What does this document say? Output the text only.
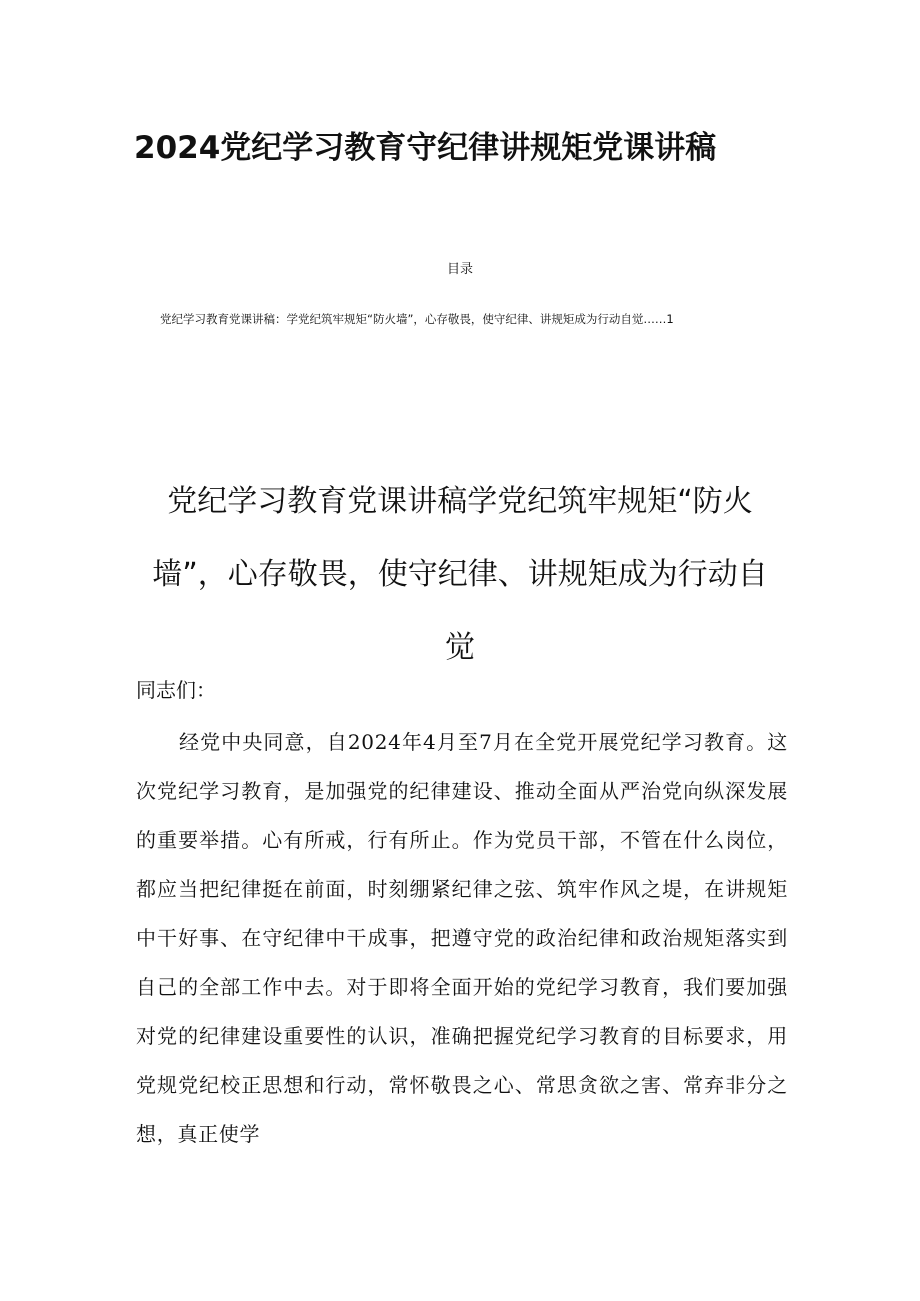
2024党纪学习教育守纪律讲规矩党课讲稿
目录
党纪学习教育党课讲稿：学党纪筑牢规矩“防火墙”，心存敬畏，使守纪律、讲规矩成为行动自觉……1
党纪学习教育党课讲稿学党纪筑牢规矩“防火墙”，心存敬畏，使守纪律、讲规矩成为行动自觉
同志们：

经党中央同意，自2024年4月至7月在全党开展党纪学习教育。这次党纪学习教育，是加强党的纪律建设、推动全面从严治党向纵深发展的重要举措。心有所戒，行有所止。作为党员干部，不管在什么岗位，都应当把纪律挺在前面，时刻绷紧纪律之弦、筑牢作风之堤，在讲规矩中干好事、在守纪律中干成事，把遵守党的政治纪律和政治规矩落实到自己的全部工作中去。对于即将全面开始的党纪学习教育，我们要加强对党的纪律建设重要性的认识，准确把握党纪学习教育的目标要求，用党规党纪校正思想和行动，常怀敬畏之心、常思贪欲之害、常弃非分之想，真正使学
